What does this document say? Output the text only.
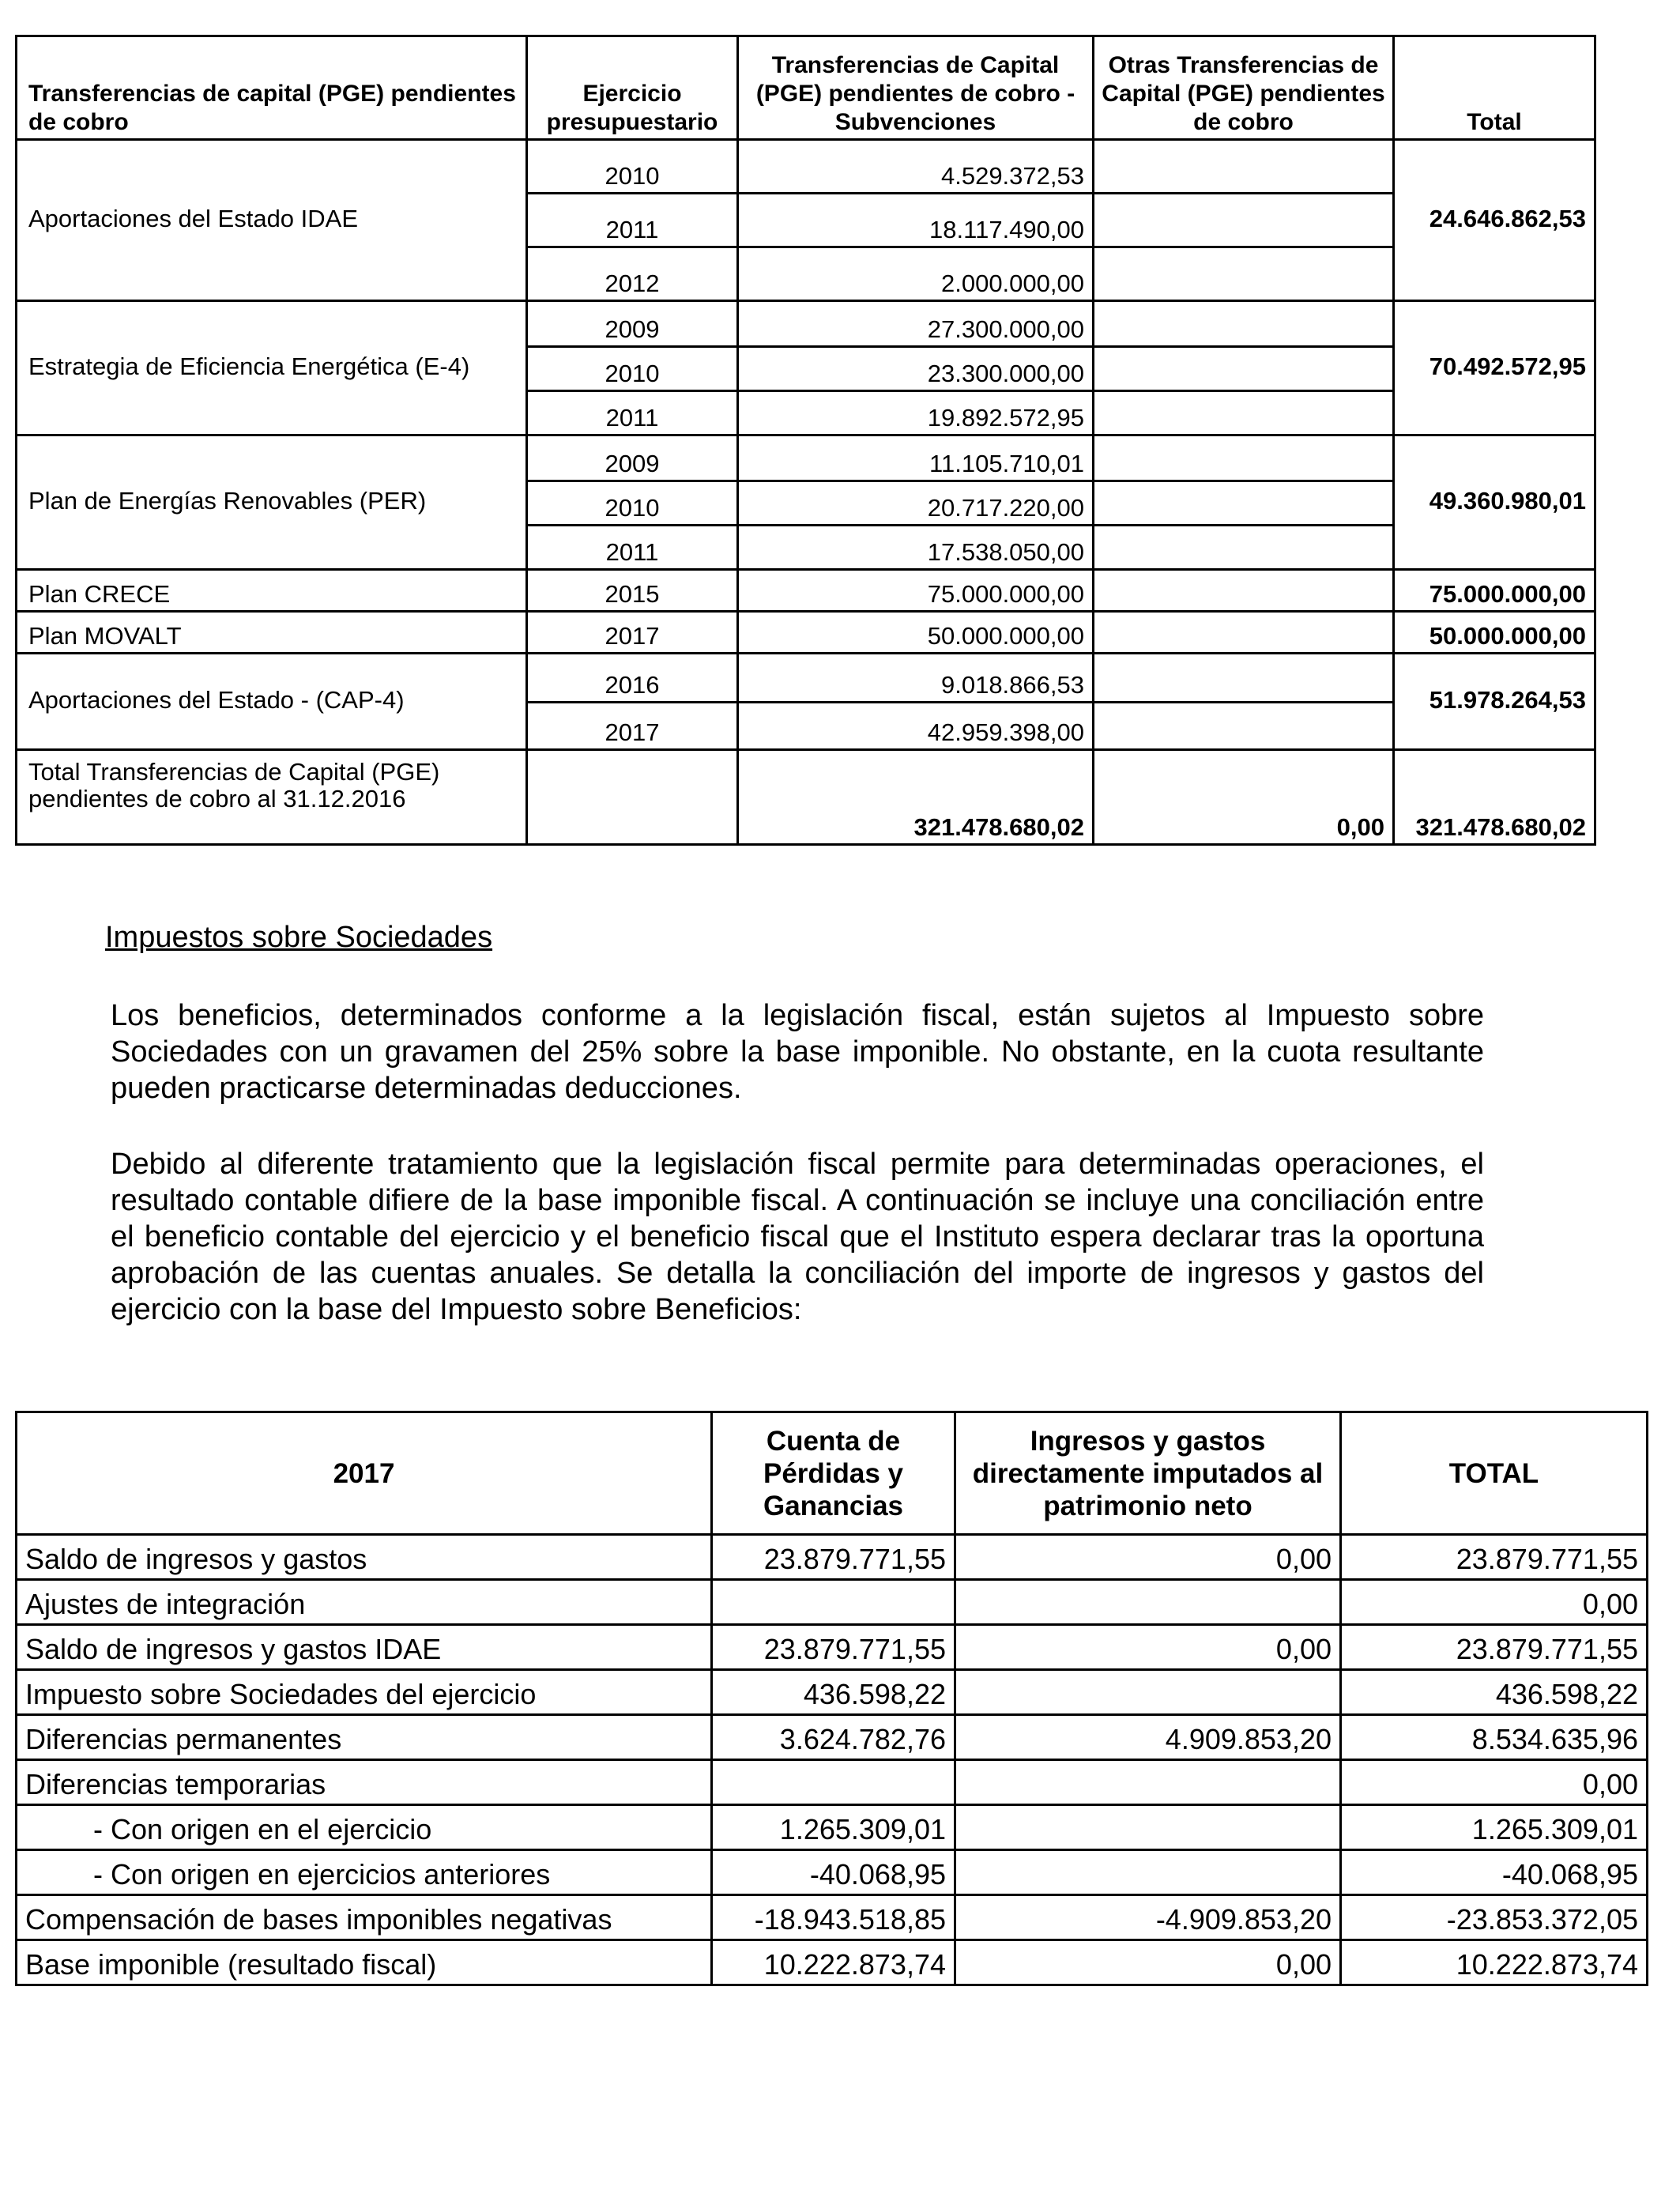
Transferencias de capital (PGE) pendientes de cobro	Ejercicio presupuestario	Transferencias de Capital (PGE) pendientes de cobro - Subvenciones	Otras Transferencias de Capital (PGE) pendientes de cobro	Total
Aportaciones del Estado IDAE	2010	4.529.372,53		24.646.862,53
	2011	18.117.490,00		
	2012	2.000.000,00		
Estrategia de Eficiencia Energética (E-4)	2009	27.300.000,00		70.492.572,95
	2010	23.300.000,00		
	2011	19.892.572,95		
Plan de Energías Renovables (PER)	2009	11.105.710,01		49.360.980,01
	2010	20.717.220,00		
	2011	17.538.050,00		
Plan CRECE	2015	75.000.000,00		75.000.000,00
Plan MOVALT	2017	50.000.000,00		50.000.000,00
Aportaciones del Estado - (CAP-4)	2016	9.018.866,53		51.978.264,53
	2017	42.959.398,00		
Total Transferencias de Capital (PGE) pendientes de cobro al 31.12.2016		321.478.680,02	0,00	321.478.680,02
Impuestos sobre Sociedades

Los beneficios, determinados conforme a la legislación fiscal, están sujetos al Impuesto sobre Sociedades con un gravamen del 25% sobre la base imponible. No obstante, en la cuota resultante pueden practicarse determinadas deducciones.

Debido al diferente tratamiento que la legislación fiscal permite para determinadas operaciones, el resultado contable difiere de la base imponible fiscal. A continuación se incluye una conciliación entre el beneficio contable del ejercicio y el beneficio fiscal que el Instituto espera declarar tras la oportuna aprobación de las cuentas anuales. Se detalla la conciliación del importe de ingresos y gastos del ejercicio con la base del Impuesto sobre Beneficios:

2017	Cuenta de Pérdidas y Ganancias	Ingresos y gastos directamente imputados al patrimonio neto	TOTAL
Saldo de ingresos y gastos	23.879.771,55	0,00	23.879.771,55
Ajustes de integración			0,00
Saldo de ingresos y gastos IDAE	23.879.771,55	0,00	23.879.771,55
Impuesto sobre Sociedades del ejercicio	436.598,22		436.598,22
Diferencias permanentes	3.624.782,76	4.909.853,20	8.534.635,96
Diferencias temporarias			0,00
- Con origen en el ejercicio	1.265.309,01		1.265.309,01
- Con origen en ejercicios anteriores	-40.068,95		-40.068,95
Compensación de bases imponibles negativas	-18.943.518,85	-4.909.853,20	-23.853.372,05
Base imponible (resultado fiscal)	10.222.873,74	0,00	10.222.873,74
